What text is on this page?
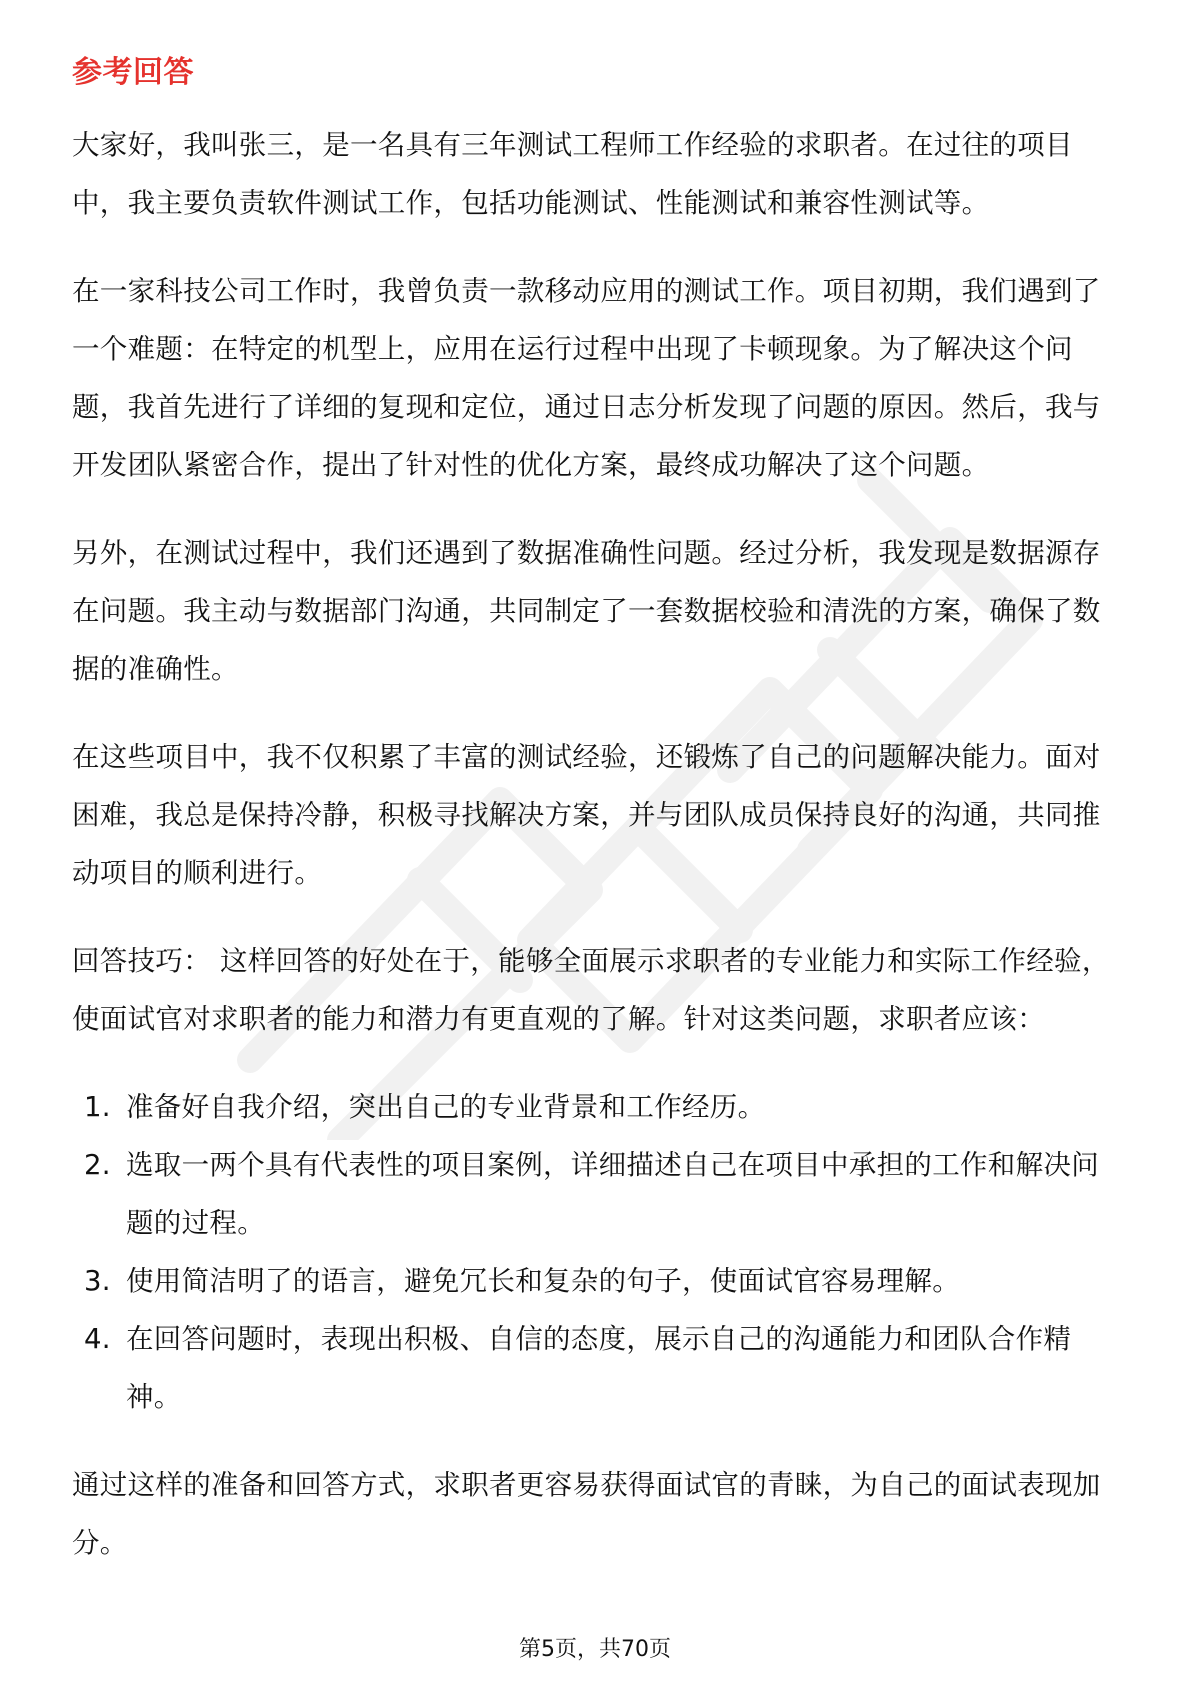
参考回答

大家好，我叫张三，是一名具有三年测试工程师工作经验的求职者。在过往的项目中，我主要负责软件测试工作，包括功能测试、性能测试和兼容性测试等。

在一家科技公司工作时，我曾负责一款移动应用的测试工作。项目初期，我们遇到了一个难题：在特定的机型上，应用在运行过程中出现了卡顿现象。为了解决这个问题，我首先进行了详细的复现和定位，通过日志分析发现了问题的原因。然后，我与开发团队紧密合作，提出了针对性的优化方案，最终成功解决了这个问题。

另外，在测试过程中，我们还遇到了数据准确性问题。经过分析，我发现是数据源存在问题。我主动与数据部门沟通，共同制定了一套数据校验和清洗的方案，确保了数据的准确性。

在这些项目中，我不仅积累了丰富的测试经验，还锻炼了自己的问题解决能力。面对困难，我总是保持冷静，积极寻找解决方案，并与团队成员保持良好的沟通，共同推动项目的顺利进行。

回答技巧： 这样回答的好处在于，能够全面展示求职者的专业能力和实际工作经验，使面试官对求职者的能力和潜力有更直观的了解。针对这类问题，求职者应该：

1. 准备好自我介绍，突出自己的专业背景和工作经历。
2. 选取一两个具有代表性的项目案例，详细描述自己在项目中承担的工作和解决问题的过程。
3. 使用简洁明了的语言，避免冗长和复杂的句子，使面试官容易理解。
4. 在回答问题时，表现出积极、自信的态度，展示自己的沟通能力和团队合作精神。

通过这样的准备和回答方式，求职者更容易获得面试官的青睐，为自己的面试表现加分。

第5页，共70页
